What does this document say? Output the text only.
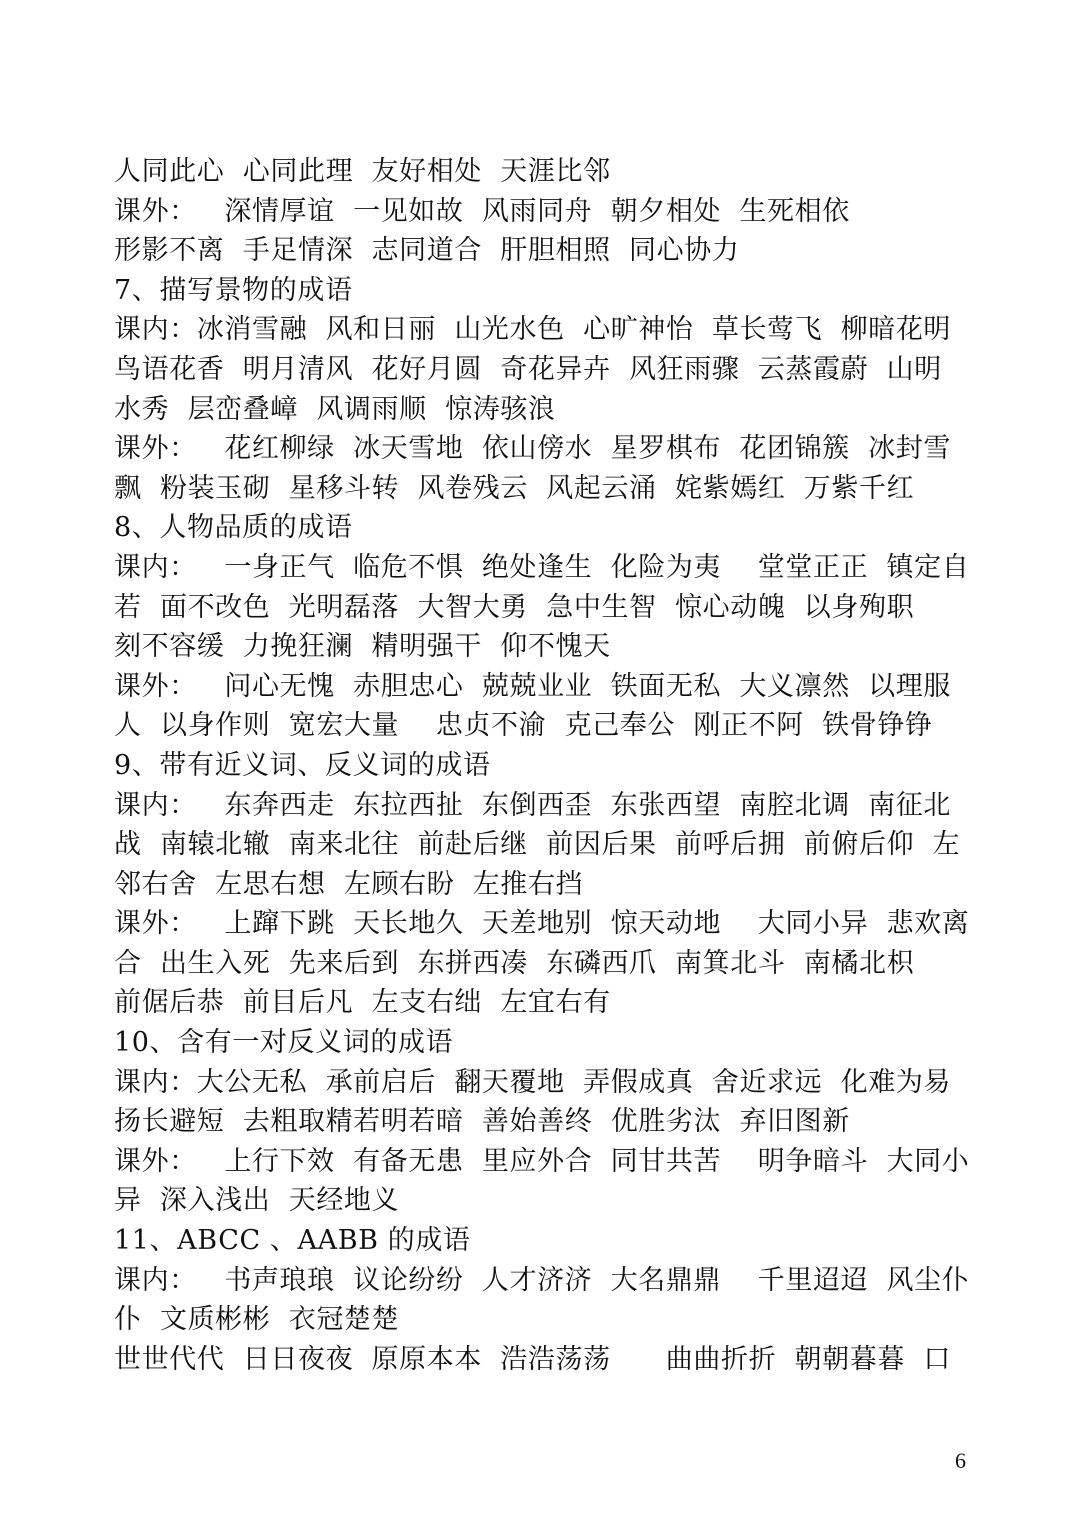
人同此心  心同此理  友好相处  天涯比邻
课外：   深情厚谊  一见如故  风雨同舟  朝夕相处  生死相依
形影不离  手足情深  志同道合  肝胆相照  同心协力
7、描写景物的成语
课内：冰消雪融  风和日丽  山光水色  心旷神怡  草长莺飞  柳暗花明
鸟语花香  明月清风  花好月圆  奇花异卉  风狂雨骤  云蒸霞蔚  山明
水秀  层峦叠嶂  风调雨顺  惊涛骇浪
课外：   花红柳绿  冰天雪地  依山傍水  星罗棋布  花团锦簇  冰封雪
飘  粉装玉砌  星移斗转  风卷残云  风起云涌  姹紫嫣红  万紫千红
8、人物品质的成语
课内：   一身正气  临危不惧  绝处逢生  化险为夷    堂堂正正  镇定自
若  面不改色  光明磊落  大智大勇  急中生智  惊心动魄  以身殉职
刻不容缓  力挽狂澜  精明强干  仰不愧天
课外：   问心无愧  赤胆忠心  兢兢业业  铁面无私  大义凛然  以理服
人  以身作则  宽宏大量    忠贞不渝  克己奉公  刚正不阿  铁骨铮铮
9、带有近义词、反义词的成语
课内：   东奔西走  东拉西扯  东倒西歪  东张西望  南腔北调  南征北
战  南辕北辙  南来北往  前赴后继  前因后果  前呼后拥  前俯后仰  左
邻右舍  左思右想  左顾右盼  左推右挡
课外：   上蹿下跳  天长地久  天差地别  惊天动地    大同小异  悲欢离
合  出生入死  先来后到  东拼西凑  东磷西爪  南箕北斗  南橘北枳
前倨后恭  前目后凡  左支右绌  左宜右有
10、含有一对反义词的成语
课内：大公无私  承前启后  翻天覆地  弄假成真  舍近求远  化难为易
扬长避短  去粗取精若明若暗  善始善终  优胜劣汰  弃旧图新
课外：   上行下效  有备无患  里应外合  同甘共苦    明争暗斗  大同小
异  深入浅出  天经地义
11、ABCC 、AABB 的成语
课内：   书声琅琅  议论纷纷  人才济济  大名鼎鼎    千里迢迢  风尘仆
仆  文质彬彬  衣冠楚楚
世世代代  日日夜夜  原原本本  浩浩荡荡      曲曲折折  朝朝暮暮  口
6
